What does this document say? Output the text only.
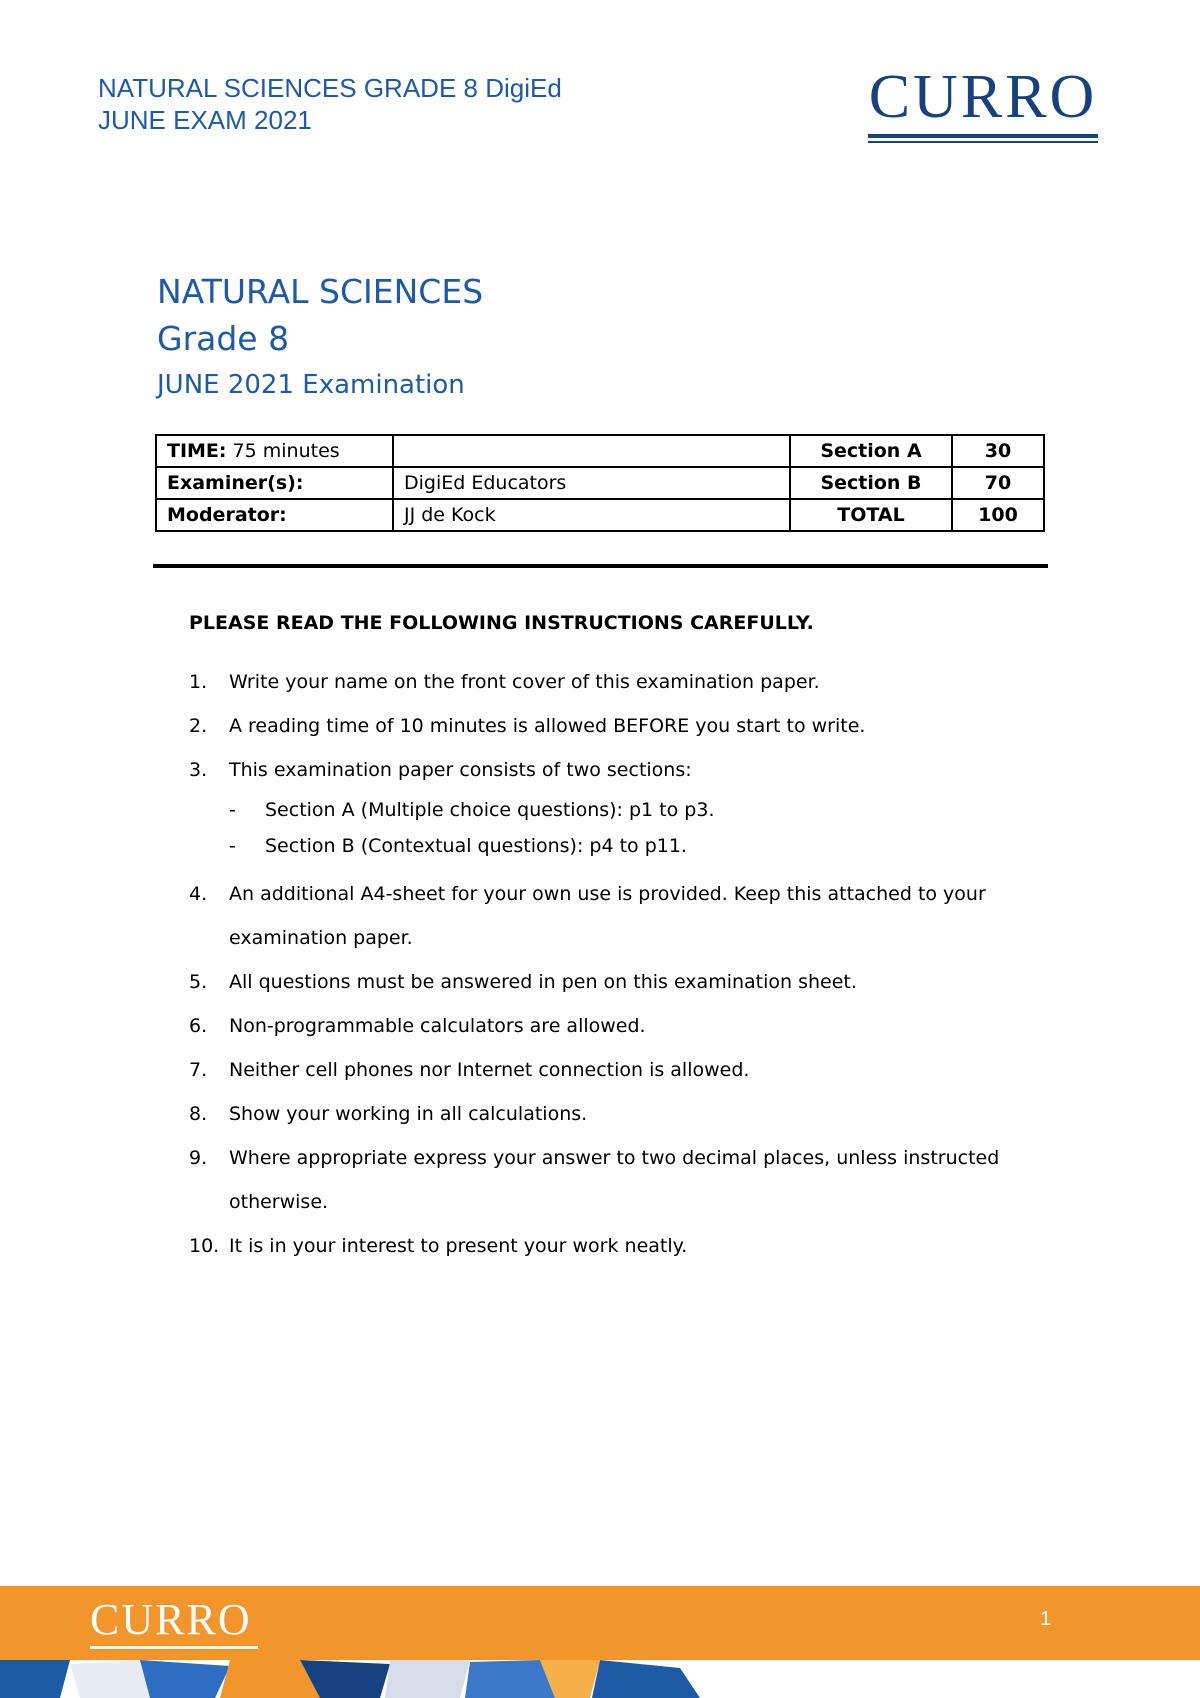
NATURAL SCIENCES GRADE 8 DigiEd
JUNE EXAM 2021	CURRO
NATURAL SCIENCES
Grade 8
JUNE 2021 Examination
TIME: 75 minutes		Section A	30
Examiner(s):	DigiEd Educators	Section B	70
Moderator:	JJ de Kock	TOTAL	100
PLEASE READ THE FOLLOWING INSTRUCTIONS CAREFULLY.
1.	Write your name on the front cover of this examination paper.
2.	A reading time of 10 minutes is allowed BEFORE you start to write.
3.	This examination paper consists of two sections:
-	Section A (Multiple choice questions): p1 to p3.
-	Section B (Contextual questions): p4 to p11.
4.	An additional A4-sheet for your own use is provided. Keep this attached to your examination paper.
5.	All questions must be answered in pen on this examination sheet.
6.	Non-programmable calculators are allowed.
7.	Neither cell phones nor Internet connection is allowed.
8.	Show your working in all calculations.
9.	Where appropriate express your answer to two decimal places, unless instructed otherwise.
10. It is in your interest to present your work neatly.
CURRO	1
